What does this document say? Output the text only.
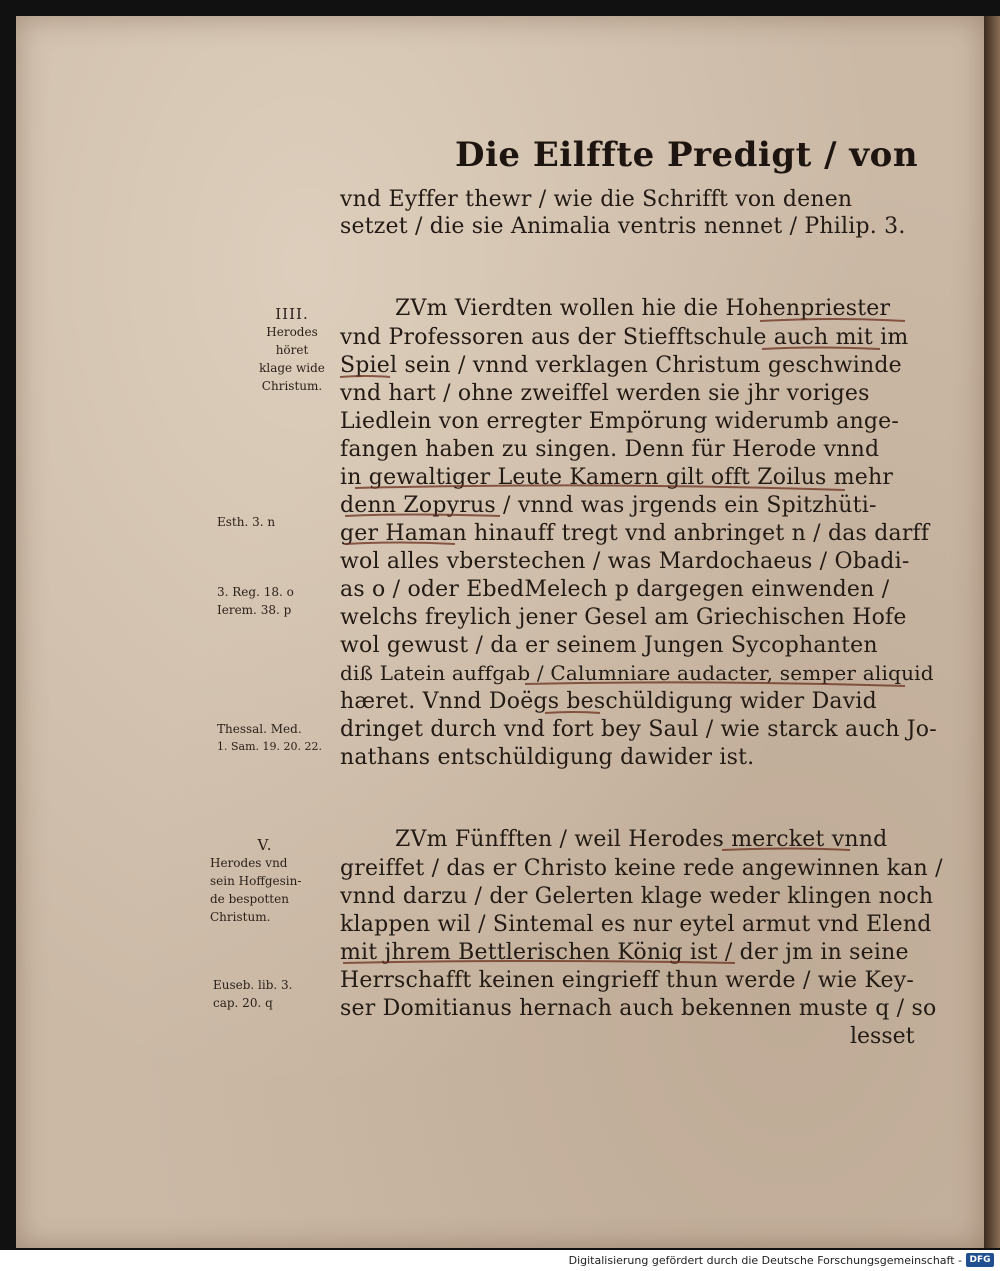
Die Eilffte Predigt / von
vnd Eyffer thewr / wie die Schrifft von denen
setzet / die sie Animalia ventris nennet / Philip. 3.
ZVm Vierdten wollen hie die Hohenpriester
vnd Professoren aus der Stiefftschule auch mit im
Spiel sein / vnnd verklagen Christum geschwinde
vnd hart / ohne zweiffel werden sie jhr voriges
Liedlein von erregter Empörung widerumb ange-
fangen haben zu singen. Denn für Herode vnnd
in gewaltiger Leute Kamern gilt offt Zoilus mehr
denn Zopyrus / vnnd was jrgends ein Spitzhüti-
ger Haman hinauff tregt vnd anbringet n / das darff
wol alles vberstechen / was Mardochaeus / Obadi-
as o / oder EbedMelech p dargegen einwenden /
welchs freylich jener Gesel am Griechischen Hofe
wol gewust / da er seinem Jungen Sycophanten
diß Latein auffgab / Calumniare audacter, semper aliquid
hæret. Vnnd Doëgs beschüldigung wider David
dringet durch vnd fort bey Saul / wie starck auch Jo-
nathans entschüldigung dawider ist.
ZVm Fünfften / weil Herodes mercket vnnd
greiffet / das er Christo keine rede angewinnen kan /
vnnd darzu / der Gelerten klage weder klingen noch
klappen wil / Sintemal es nur eytel armut vnd Elend
mit jhrem Bettlerischen König ist / der jm in seine
Herrschafft keinen eingrieff thun werde / wie Key-
ser Domitianus hernach auch bekennen muste q / so
lesset
IIII.
Herodes höret
klage wide
Christum.
Esth. 3. n
3. Reg. 18. o
Ierem. 38. p
Thessal. Med.
1. Sam. 19. 20. 22.
V.
Herodes vnd
sein Hoffgesin-
de bespotten
Christum.
Euseb. lib. 3.
cap. 20. q
Digitalisierung gefördert durch die Deutsche Forschungsgemeinschaft - DFG
